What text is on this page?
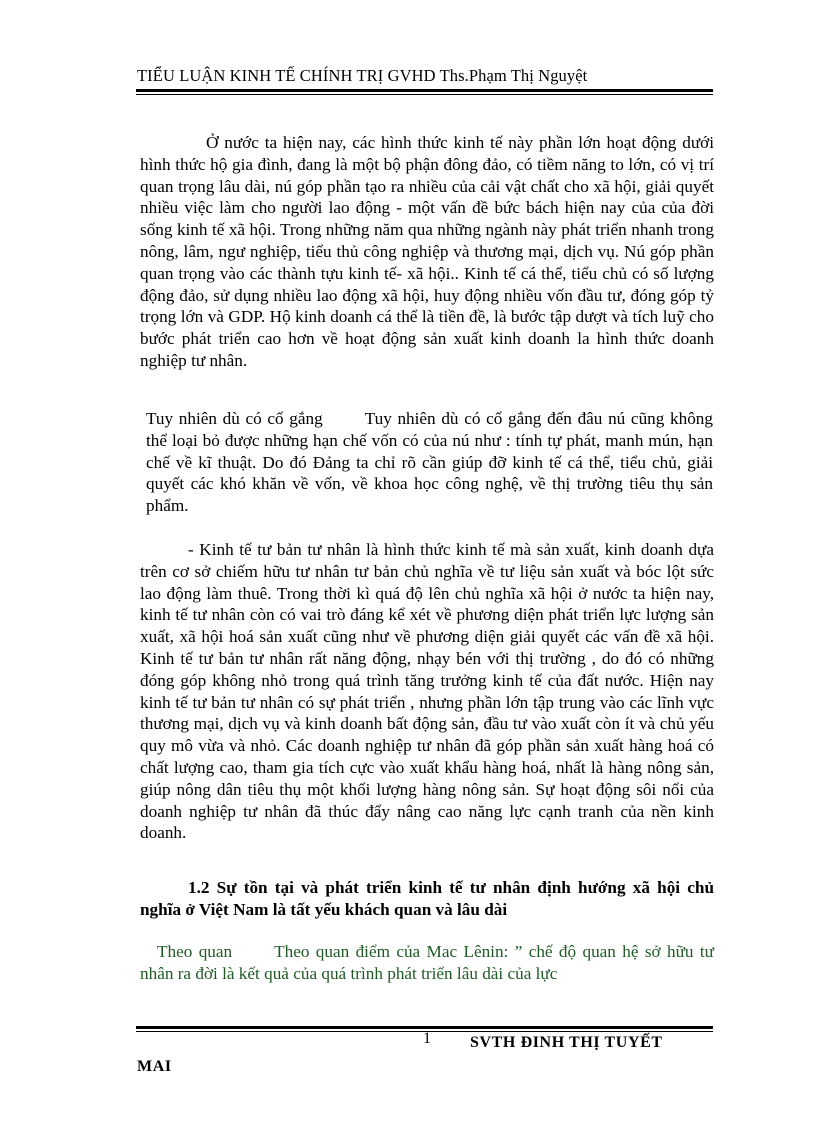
TIỂU LUẬN KINH TẾ CHÍNH TRỊ GVHD Ths.Phạm Thị Nguyệt

Ở nước ta hiện nay, các hình thức kinh tế này phần lớn hoạt động dưới hình thức hộ gia đình, đang là một bộ phận đông đảo, có tiềm năng to lớn, có vị trí quan trọng lâu dài, nú góp phần tạo ra nhiều của cải vật chất cho xã hội, giải quyết nhiều việc làm cho người lao động - một vấn đề bức bách hiện nay của của đời sống kinh tế xã hội. Trong những năm qua những ngành này phát triển nhanh trong nông, lâm, ngư nghiệp, tiểu thủ công nghiệp và thương mại, dịch vụ. Nú góp phần quan trọng vào các thành tựu kinh tế- xã hội.. Kinh tế cá thể, tiểu chủ có số lượng động đảo, sử dụng nhiều lao động xã hội, huy động nhiều vốn đầu tư, đóng góp tỷ trọng lớn và GDP. Hộ kinh doanh cá thể là tiền đề, là bước tập dượt và tích luỹ cho bước phát triển cao hơn về hoạt động sản xuất kinh doanh la hình thức doanh nghiệp tư nhân.

Tuy nhiên dù có cố gắng Tuy nhiên dù có cố gắng đến đâu nú cũng không thể loại bỏ được những hạn chế vốn có của nú như : tính tự phát, manh mún, hạn chế về kĩ thuật. Do đó Đảng ta chỉ rõ cần giúp đỡ kinh tế cá thể, tiểu chủ, giải quyết các khó khăn về vốn, về khoa học công nghệ, về thị trường tiêu thụ sản phẩm.

- Kinh tế tư bản tư nhân là hình thức kinh tế mà sản xuất, kinh doanh dựa trên cơ sở chiếm hữu tư nhân tư bản chủ nghĩa về tư liệu sản xuất và bóc lột sức lao động làm thuê. Trong thời kì quá độ lên chủ nghĩa xã hội ở nước ta hiện nay, kinh tế tư nhân còn có vai trò đáng kể xét về phương diện phát triển lực lượng sản xuất, xã hội hoá sản xuất cũng như về phương diện giải quyết các vấn đề xã hội. Kinh tế tư bản tư nhân rất năng động, nhạy bén với thị trường , do đó có những đóng góp không nhỏ trong quá trình tăng trưởng kinh tế của đất nước. Hiện nay kinh tế tư bản tư nhân có sự phát triển , nhưng phần lớn tập trung vào các lĩnh vực thương mại, dịch vụ và kinh doanh bất động sản, đầu tư vào xuất còn ít và chủ yếu quy mô vừa và nhỏ. Các doanh nghiệp tư nhân đã góp phần sản xuất hàng hoá có chất lượng cao, tham gia tích cực vào xuất khẩu hàng hoá, nhất là hàng nông sản, giúp nông dân tiêu thụ một khối lượng hàng nông sản. Sự hoạt động sôi nổi của doanh nghiệp tư nhân đã thúc đẩy nâng cao năng lực cạnh tranh của nền kinh doanh.

1.2 Sự tồn tại và phát triển kinh tế tư nhân định hướng xã hội chủ nghĩa ở Việt Nam là tất yếu khách quan và lâu dài

Theo quan Theo quan điểm của Mac Lênin: ” chế độ quan hệ sở hữu tư nhân ra đời là kết quả của quá trình phát triển lâu dài của lực

1 SVTH ĐINH THỊ TUYẾT
MAI
